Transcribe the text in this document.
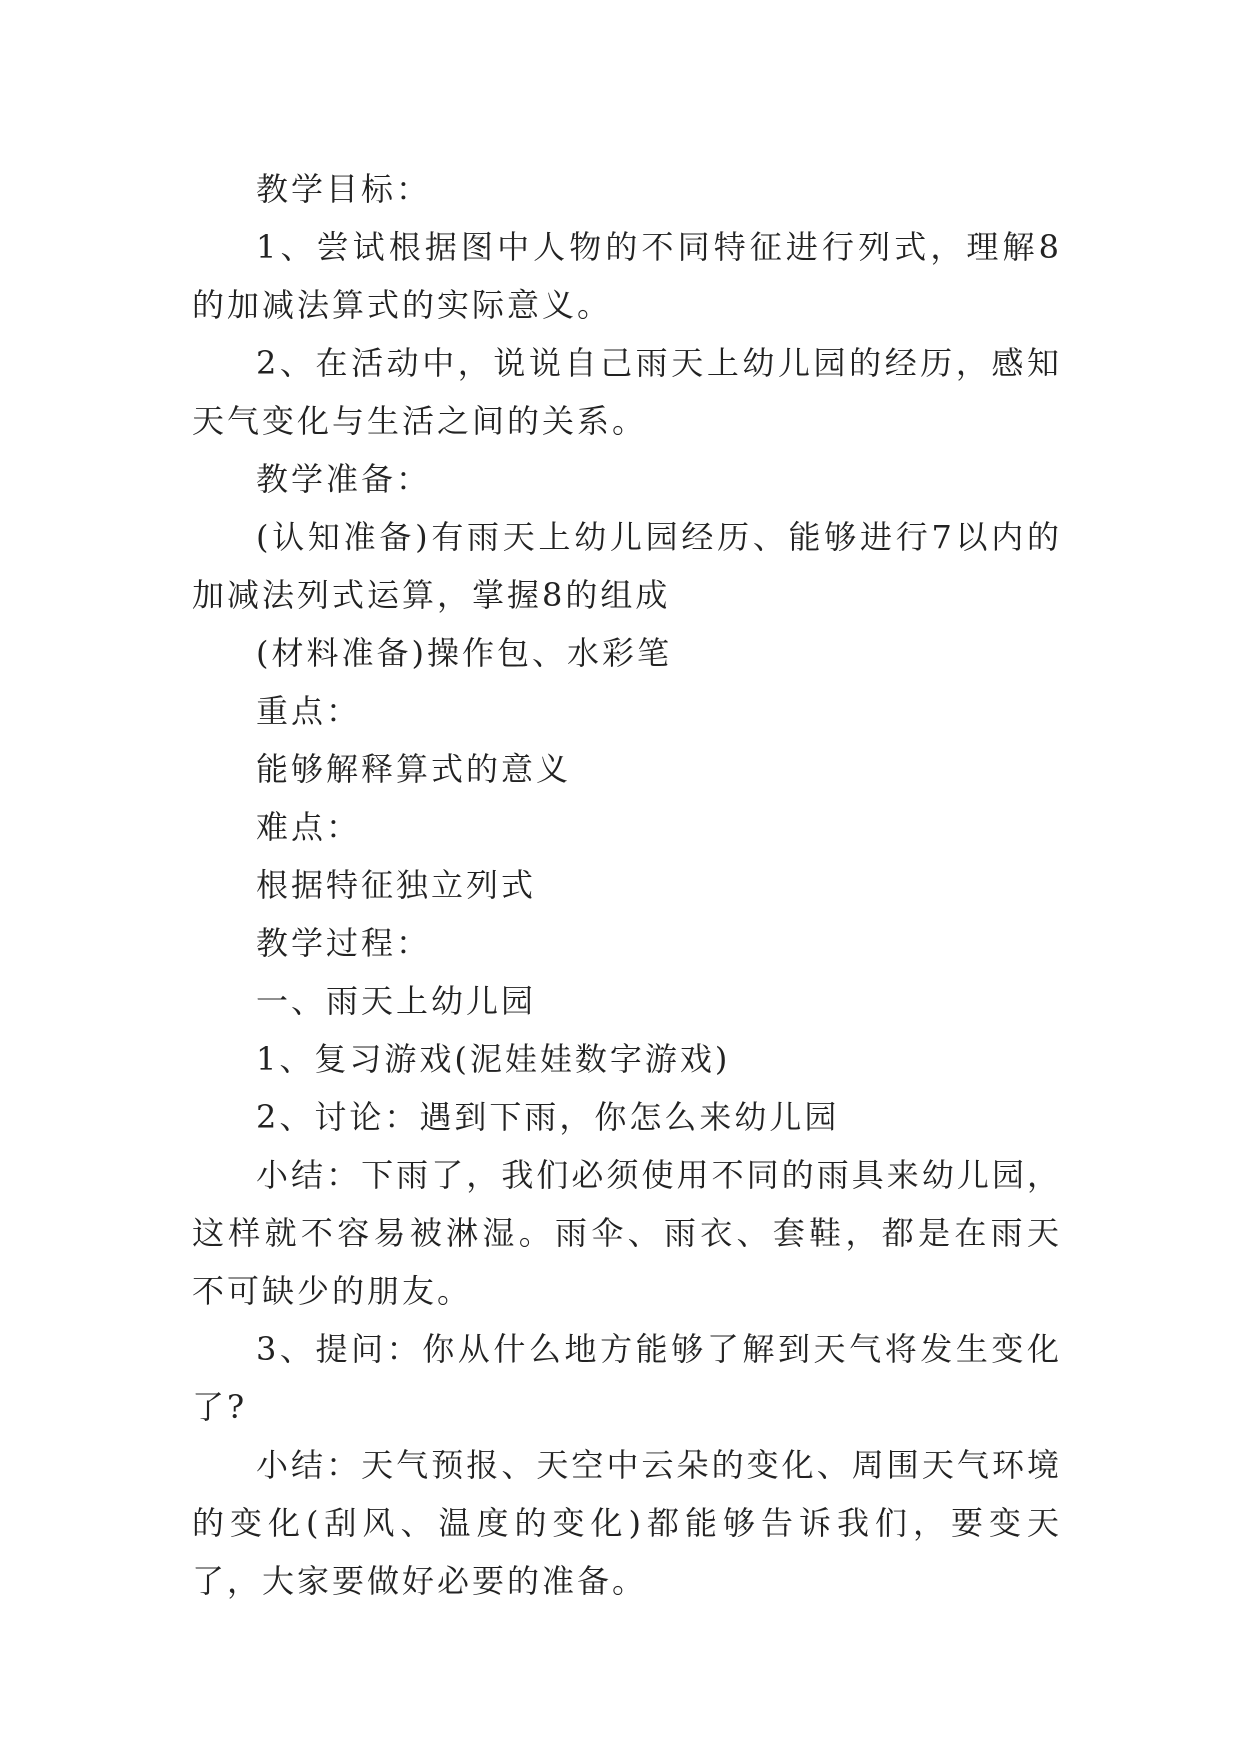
教学目标：

1、尝试根据图中人物的不同特征进行列式，理解8的加减法算式的实际意义。

2、在活动中，说说自己雨天上幼儿园的经历，感知天气变化与生活之间的关系。

教学准备：

(认知准备)有雨天上幼儿园经历、能够进行7以内的加减法列式运算，掌握8的组成

(材料准备)操作包、水彩笔

重点：

能够解释算式的意义

难点：

根据特征独立列式

教学过程：

一、雨天上幼儿园

1、复习游戏(泥娃娃数字游戏)

2、讨论：遇到下雨，你怎么来幼儿园

小结：下雨了，我们必须使用不同的雨具来幼儿园，这样就不容易被淋湿。雨伞、雨衣、套鞋，都是在雨天不可缺少的朋友。

3、提问：你从什么地方能够了解到天气将发生变化了?

小结：天气预报、天空中云朵的变化、周围天气环境的变化(刮风、温度的变化)都能够告诉我们，要变天了，大家要做好必要的准备。
